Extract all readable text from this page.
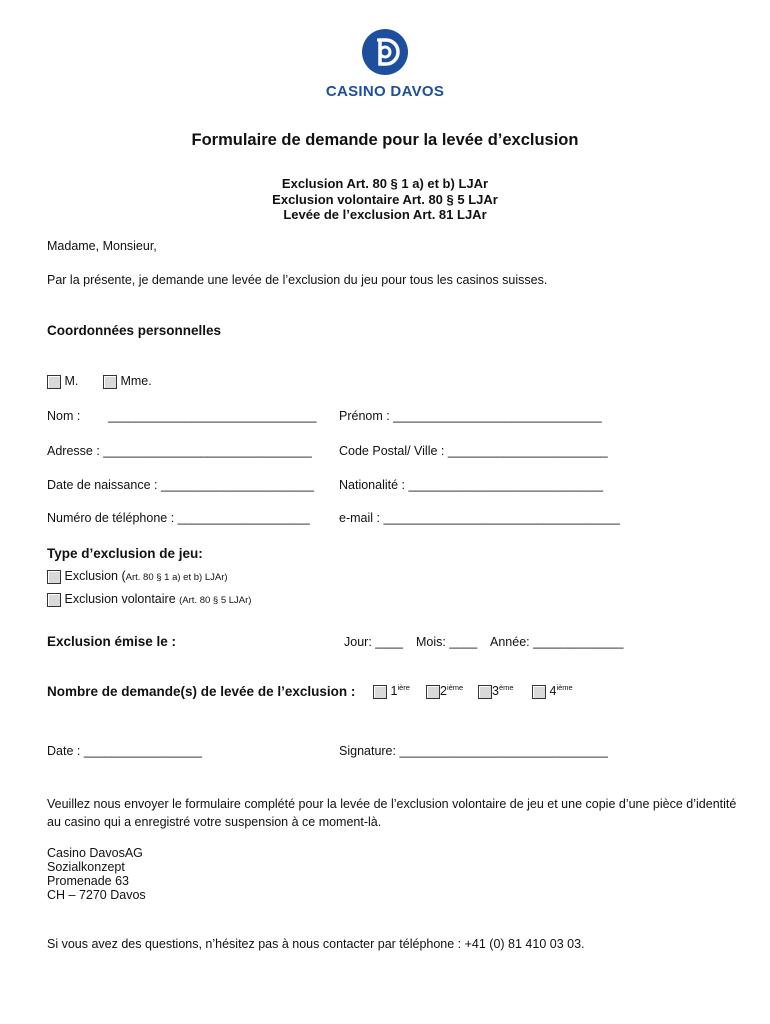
CASINO DAVOS
Formulaire de demande pour la levée d’exclusion
Exclusion Art. 80 § 1 a) et b) LJAr
Exclusion volontaire Art. 80 § 5 LJAr
Levée de l’exclusion Art. 81 LJAr
Madame, Monsieur,
Par la présente, je demande une levée de l’exclusion du jeu pour tous les casinos suisses.
Coordonnées personnelles
M.	Mme.
Nom : ______________________________ Prénom : ______________________________
Adresse : ______________________________ Code Postal/ Ville : _______________________
Date de naissance : ______________________ Nationalité : ____________________________
Numéro de téléphone : ___________________ e-mail : __________________________________
Type d’exclusion de jeu:
Exclusion (Art. 80 § 1 a) et b) LJAr)
Exclusion volontaire (Art. 80 § 5 LJAr)
Exclusion émise le :	Jour: ____ Mois: ____ Année: _____________
Nombre de demande(s) de levée de l’exclusion :	$1^{ière}$	2ième	3ème	4ième
Date : _________________	Signature: ______________________________
Veuillez nous envoyer le formulaire complété pour la levée de l’exclusion volontaire de jeu et une copie d’une pièce d’identité au casino qui a enregistré votre suspension à ce moment-là.
Casino DavosAG
Sozialkonzept
Promenade 63
CH – 7270 Davos
Si vous avez des questions, n’hésitez pas à nous contacter par téléphone : +41 (0) 81 410 03 03.
